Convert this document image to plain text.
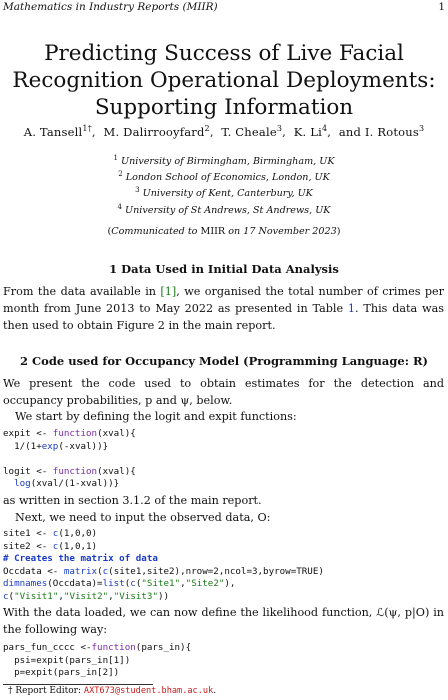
Mathematics in Industry Reports (MIIR)	1
Predicting Success of Live Facial Recognition Operational Deployments: Supporting Information
A. Tansell$^{1\dagger}$,  M. Dalirrooyfard$^2$,  T. Cheale$^3$,  K. Li$^4$,  and I. Rotous$^3$
$^1$ University of Birmingham, Birmingham, UK
$^2$ London School of Economics, London, UK
$^3$ University of Kent, Canterbury, UK
$^4$ University of St Andrews, St Andrews, UK
(Communicated to MIIR on 17 November 2023)
1 Data Used in Initial Data Analysis

From the data available in [1], we organised the total number of crimes per month from June 2013 to May 2022 as presented in Table 1. This data was then used to obtain Figure 2 in the main report.

2 Code used for Occupancy Model (Programming Language: R)

We present the code used to obtain estimates for the detection and occupancy probabilities, p and ψ, below.

We start by defining the logit and expit functions:

expit <- function(xval){
1/(1+exp(-xval))}

logit <- function(xval){
log(xval/(1-xval))}

as written in section 3.1.2 of the main report.

Next, we need to input the observed data, O:

site1 <- c(1,0,0)
site2 <- c(1,0,1)
# Creates the matrix of data
Occdata <- matrix(c(site1,site2),nrow=2,ncol=3,byrow=TRUE)
dimnames(Occdata)=list(c("Site1","Site2"),
c("Visit1","Visit2","Visit3"))

With the data loaded, we can now define the likelihood function, ℒ(ψ, p|O) in the following way:

pars_fun_cccc <-function(pars_in){
psi=expit(pars_in[1])
p=expit(pars_in[2])
† Report Editor: AXT673@student.bham.ac.uk.
